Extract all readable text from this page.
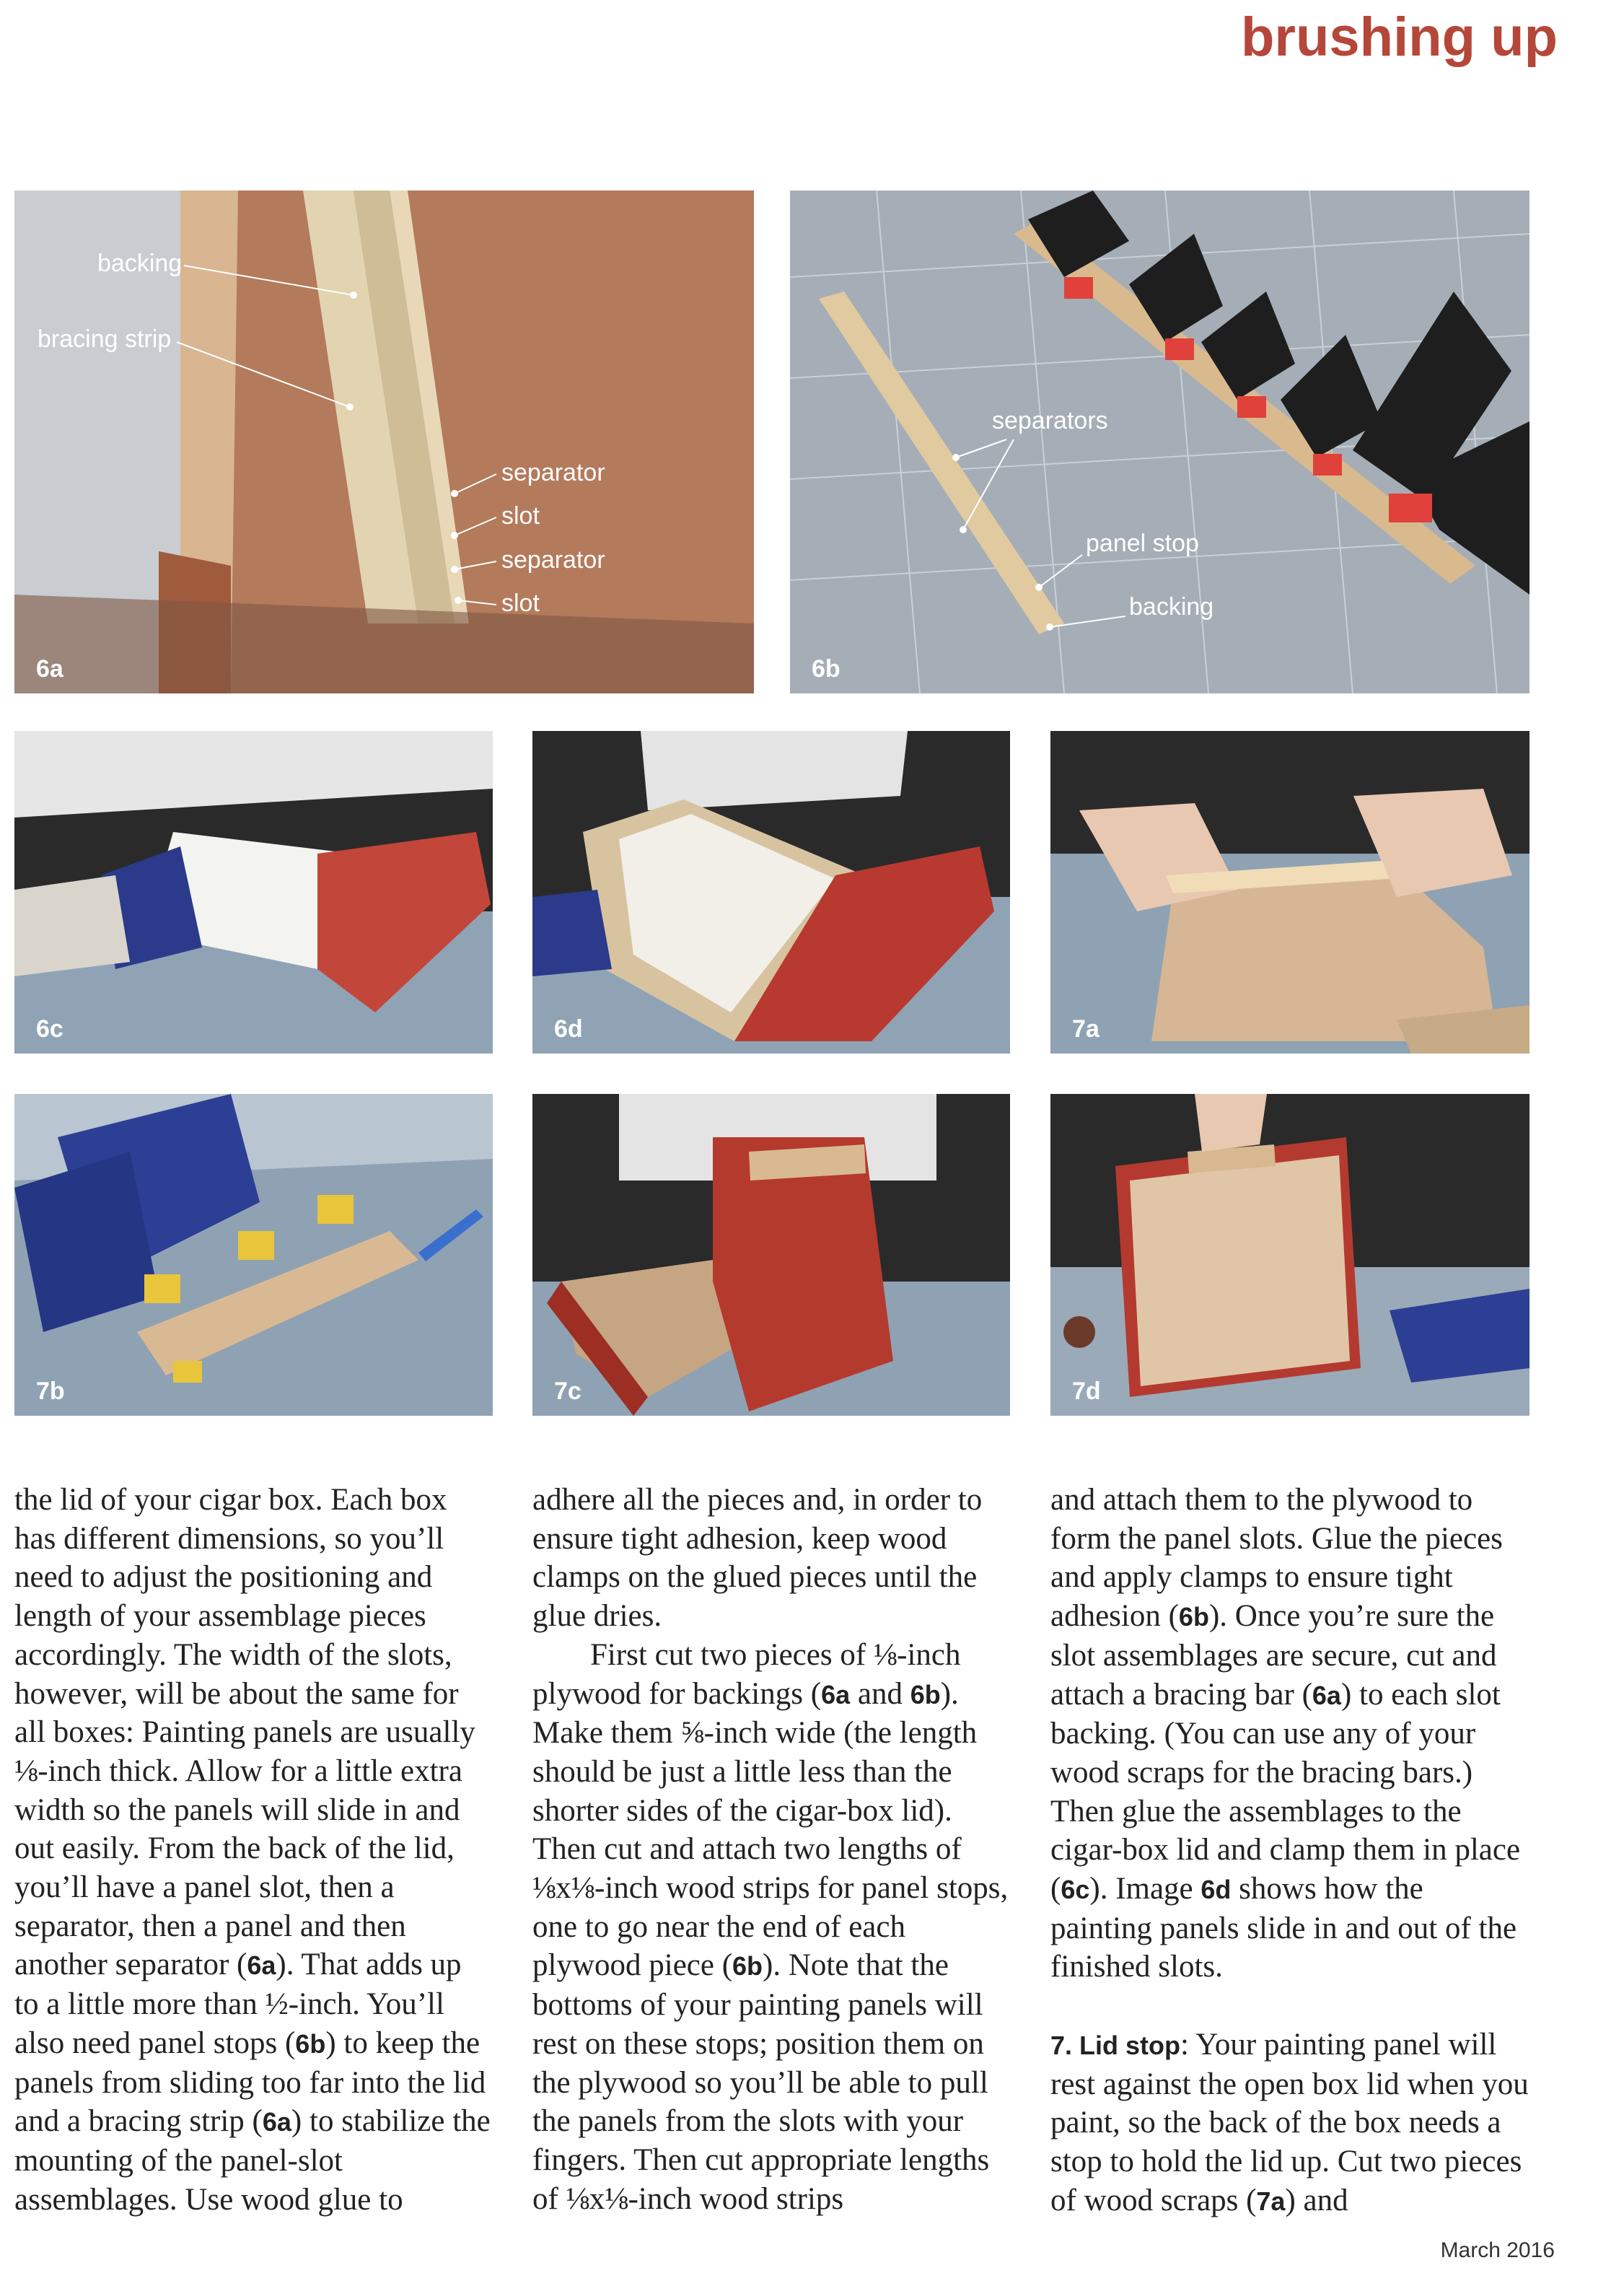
brushing up
backing
bracing strip
separator
slot
separator
slot
6a
separators
panel stop
backing
6b
6c	6d	7a
7b	7c	7d

the lid of your cigar box. Each box has different dimensions, so you’ll need to adjust the positioning and length of your assemblage pieces accordingly. The width of the slots, however, will be about the same for all boxes: Painting panels are usually ⅛-inch thick. Allow for a little extra width so the panels will slide in and out easily. From the back of the lid, you’ll have a panel slot, then a separator, then a panel and then another separator (6a). That adds up to a little more than ½-inch. You’ll also need panel stops (6b) to keep the panels from sliding too far into the lid and a bracing strip (6a) to stabilize the mounting of the panel-slot assemblages. Use wood glue to

adhere all the pieces and, in order to ensure tight adhesion, keep wood clamps on the glued pieces until the glue dries.

First cut two pieces of ⅛-inch plywood for backings (6a and 6b). Make them ⅝-inch wide (the length should be just a little less than the shorter sides of the cigar-box lid). Then cut and attach two lengths of ⅛x⅛-inch wood strips for panel stops, one to go near the end of each plywood piece (6b). Note that the bottoms of your painting panels will rest on these stops; position them on the plywood so you’ll be able to pull the panels from the slots with your fingers. Then cut appropriate lengths of ⅛x⅛-inch wood strips

and attach them to the plywood to form the panel slots. Glue the pieces and apply clamps to ensure tight adhesion (6b). Once you’re sure the slot assemblages are secure, cut and attach a bracing bar (6a) to each slot backing. (You can use any of your wood scraps for the bracing bars.) Then glue the assemblages to the cigar-box lid and clamp them in place (6c). Image 6d shows how the painting panels slide in and out of the finished slots.

7. Lid stop: Your painting panel will rest against the open box lid when you paint, so the back of the box needs a stop to hold the lid up. Cut two pieces of wood scraps (7a) and

March 2016
